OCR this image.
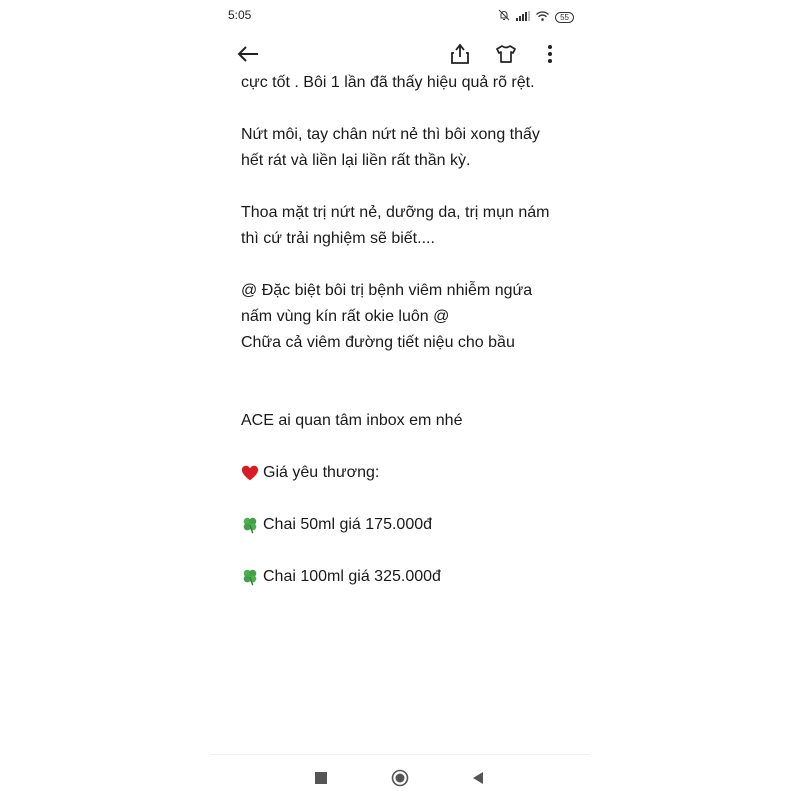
5:05	55
cực tốt . Bôi 1 lần đã thấy hiệu quả rõ rệt.
Nứt môi, tay chân nứt nẻ thì bôi xong thấy
hết rát và liền lại liền rất thần kỳ.
Thoa mặt trị nứt nẻ, dưỡng da, trị mụn nám
thì cứ trải nghiệm sẽ biết....
@ Đặc biệt bôi trị bệnh viêm nhiễm ngứa
nấm vùng kín rất okie luôn @
Chữa cả viêm đường tiết niệu cho bầu
ACE ai quan tâm inbox em nhé
Giá yêu thương:
Chai 50ml giá 175.000đ
Chai 100ml giá 325.000đ
